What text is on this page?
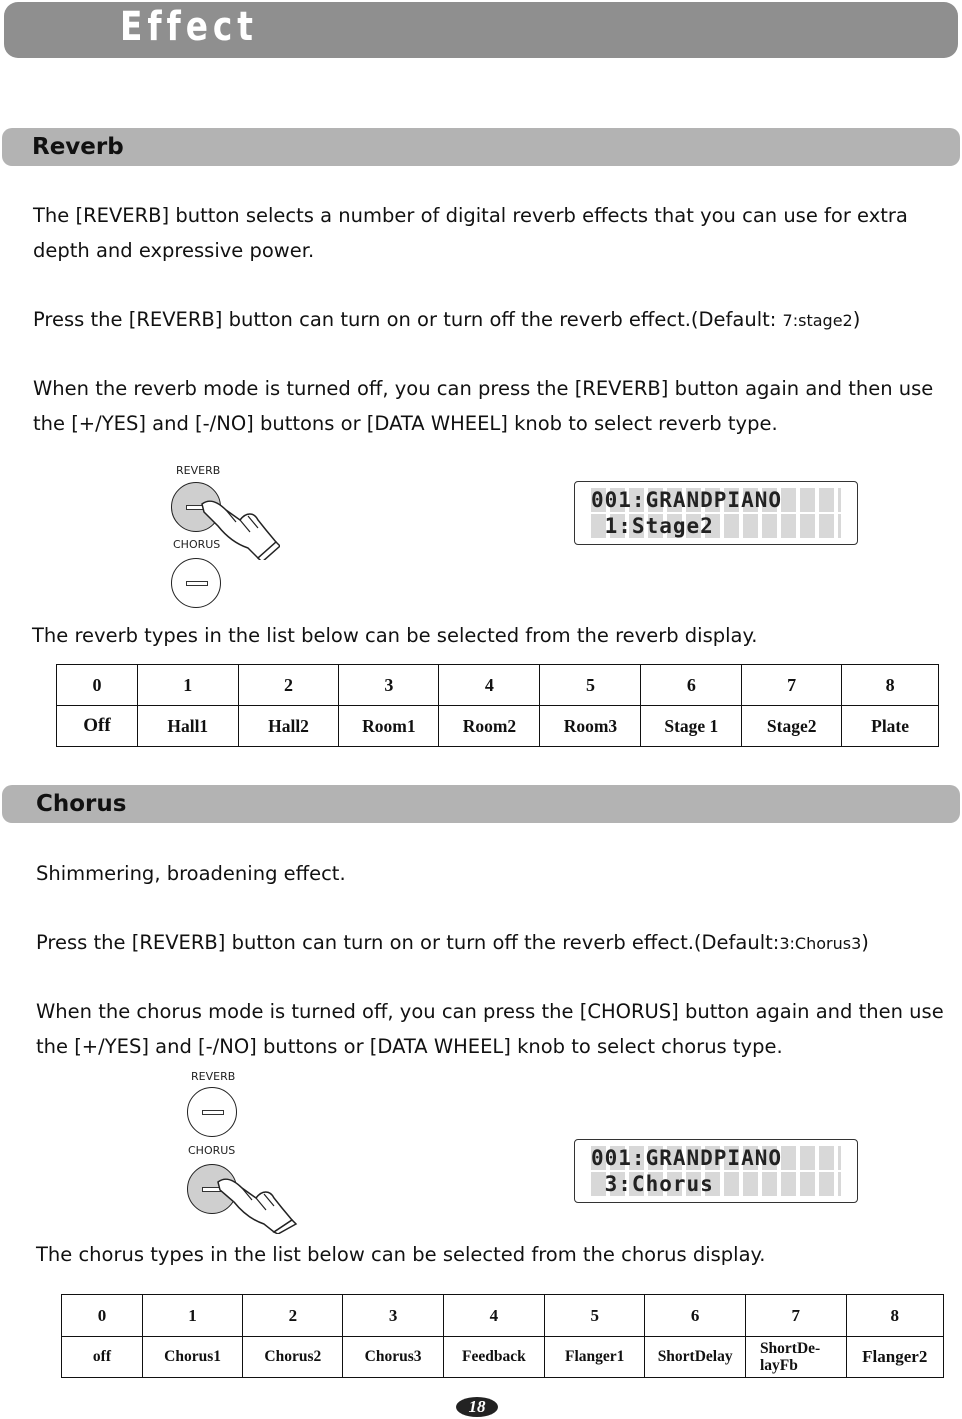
Effect
Reverb
The [REVERB] button selects a number of digital reverb effects that you can use for extra depth and expressive power.
Press the [REVERB] button can turn on or turn off the reverb effect.(Default: 7:stage2)
When the reverb mode is turned off, you can press the [REVERB] button again and then use the [+/YES] and [-/NO] buttons or [DATA WHEEL] knob to select reverb type.
REVERB
CHORUS
001:GRANDPIANO
1:Stage2
The reverb types in the list below can be selected from the reverb display.
0	1	2	3	4	5	6	7	8
Off	Hall1	Hall2	Room1	Room2	Room3	Stage 1	Stage2	Plate
Chorus
Shimmering, broadening effect.
Press the [REVERB] button can turn on or turn off the reverb effect.(Default:3:Chorus3)
When the chorus mode is turned off, you can press the [CHORUS] button again and then use the [+/YES] and [-/NO] buttons or [DATA WHEEL] knob to select chorus type.
REVERB
CHORUS	001:GRANDPIANO
3:Chorus
The chorus types in the list below can be selected from the chorus display.
0	1	2	3	4	5	6	7	8
off	Chorus1	Chorus2	Chorus3	Feedback	Flanger1	ShortDelay	ShortDe-layFb	Flanger2
18
